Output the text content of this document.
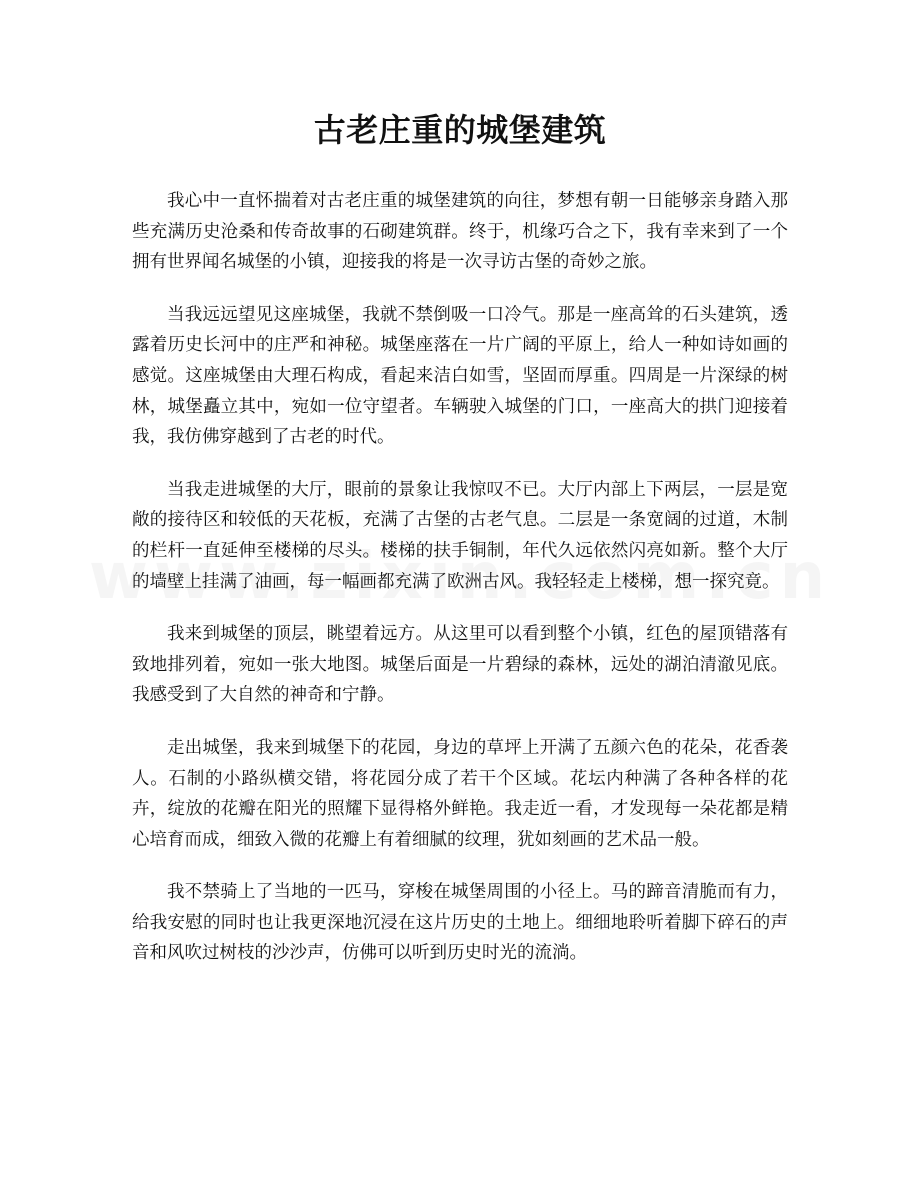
古老庄重的城堡建筑

我心中一直怀揣着对古老庄重的城堡建筑的向往，梦想有朝一日能够亲身踏入那些充满历史沧桑和传奇故事的石砌建筑群。终于，机缘巧合之下，我有幸来到了一个拥有世界闻名城堡的小镇，迎接我的将是一次寻访古堡的奇妙之旅。

当我远远望见这座城堡，我就不禁倒吸一口冷气。那是一座高耸的石头建筑，透露着历史长河中的庄严和神秘。城堡座落在一片广阔的平原上，给人一种如诗如画的感觉。这座城堡由大理石构成，看起来洁白如雪，坚固而厚重。四周是一片深绿的树林，城堡矗立其中，宛如一位守望者。车辆驶入城堡的门口，一座高大的拱门迎接着我，我仿佛穿越到了古老的时代。

当我走进城堡的大厅，眼前的景象让我惊叹不已。大厅内部上下两层，一层是宽敞的接待区和较低的天花板，充满了古堡的古老气息。二层是一条宽阔的过道，木制的栏杆一直延伸至楼梯的尽头。楼梯的扶手铜制，年代久远依然闪亮如新。整个大厅的墙壁上挂满了油画，每一幅画都充满了欧洲古风。我轻轻走上楼梯，想一探究竟。

我来到城堡的顶层，眺望着远方。从这里可以看到整个小镇，红色的屋顶错落有致地排列着，宛如一张大地图。城堡后面是一片碧绿的森林，远处的湖泊清澈见底。我感受到了大自然的神奇和宁静。

走出城堡，我来到城堡下的花园，身边的草坪上开满了五颜六色的花朵，花香袭人。石制的小路纵横交错，将花园分成了若干个区域。花坛内种满了各种各样的花卉，绽放的花瓣在阳光的照耀下显得格外鲜艳。我走近一看，才发现每一朵花都是精心培育而成，细致入微的花瓣上有着细腻的纹理，犹如刻画的艺术品一般。

我不禁骑上了当地的一匹马，穿梭在城堡周围的小径上。马的蹄音清脆而有力，给我安慰的同时也让我更深地沉浸在这片历史的土地上。细细地聆听着脚下碎石的声音和风吹过树枝的沙沙声，仿佛可以听到历史时光的流淌。
